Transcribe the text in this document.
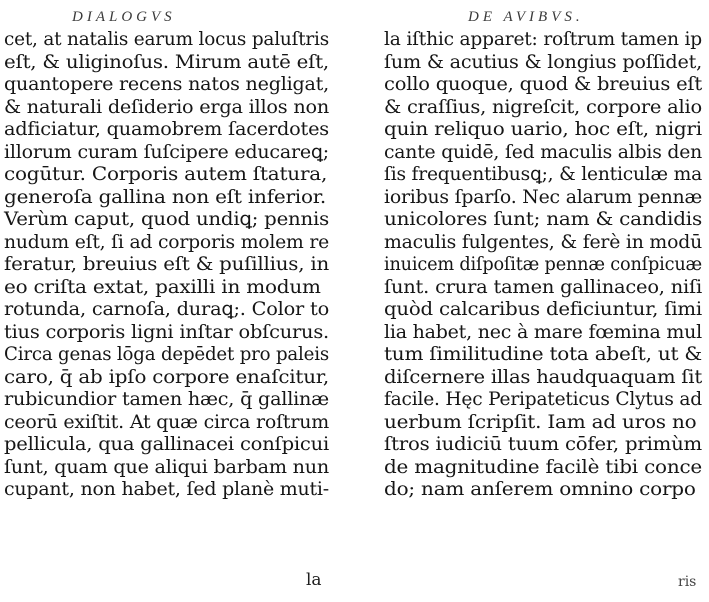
DIALOGVS
cet, at natalis earum locus paluſtris
eſt, & uliginoſus. Mirum autē eſt,
quantopere recens natos negligat,
& naturali deſiderio erga illos non
adficiatur, quamobrem ſacerdotes
illorum curam ſuſcipere educareꝗ;
cogūtur. Corporis autem ſtatura,
generoſa gallina non eſt inferior.
Verùm caput, quod undiꝗ; pennis
nudum eſt, ſi ad corporis molem re
feratur, breuius eſt & puſillius, in
eo criſta extat, paxilli in modum
rotunda, carnoſa, duraꝗ;. Color to
tius corporis ligni inſtar obſcurus.
Circa genas lōga depēdet pro paleis
caro, q̄ ab ipſo corpore enaſcitur,
rubicundior tamen hæc, q̄ gallinæ
ceorū exiſtit. At quæ circa roſtrum
pellicula, qua gallinacei conſpicui
ſunt, quam que aliqui barbam nun
cupant, non habet, ſed planè muti-
la
DE AVIBVS.
la iſthic apparet: roſtrum tamen ip
ſum & acutius & longius poſſidet,
collo quoque, quod & breuius eſt
& craſſius, nigreſcit, corpore alio
quin reliquo uario, hoc eſt, nigri
cante quidē, ſed maculis albis den
ſis frequentibusꝗ;, & lenticulæ ma
ioribus ſparſo. Nec alarum pennæ
unicolores ſunt; nam & candidis
maculis fulgentes, & ferè in modū
inuicem diſpoſitæ pennæ conſpicuæ
ſunt. crura tamen gallinaceo, niſi
quòd calcaribus deficiuntur, ſimi
lia habet, nec à mare fœmina mul
tum ſimilitudine tota abeſt, ut &
diſcernere illas haudquaquam ſit
facile. Hęc Peripateticus Clytus ad
uerbum ſcripſit. Iam ad uros no
ſtros iudiciū tuum cōfer, primùm
de magnitudine facilè tibi conce
do; nam anſerem omnino corpo
ris
